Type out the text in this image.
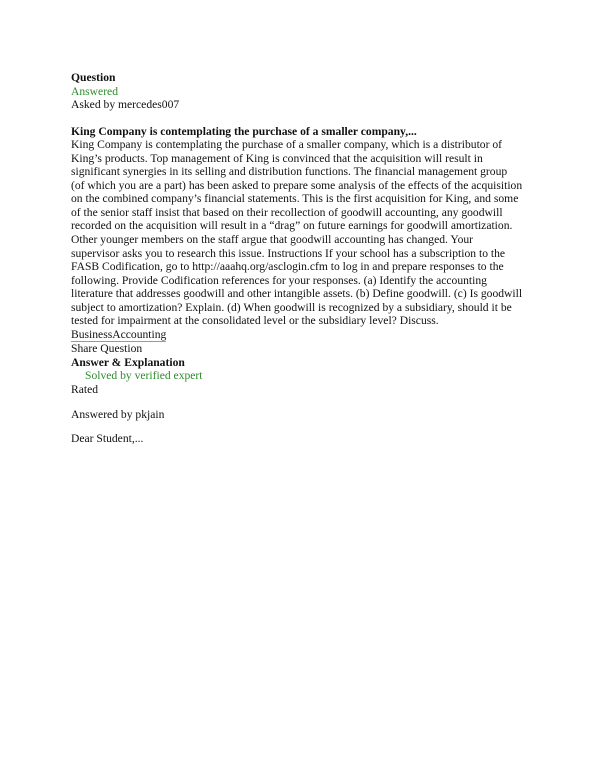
Question
Answered
Asked by mercedes007
King Company is contemplating the purchase of a smaller company,...
King Company is contemplating the purchase of a smaller company, which is a distributor of
King’s products. Top management of King is convinced that the acquisition will result in
significant synergies in its selling and distribution functions. The financial management group
(of which you are a part) has been asked to prepare some analysis of the effects of the acquisition
on the combined company’s financial statements. This is the first acquisition for King, and some
of the senior staff insist that based on their recollection of goodwill accounting, any goodwill
recorded on the acquisition will result in a “drag” on future earnings for goodwill amortization.
Other younger members on the staff argue that goodwill accounting has changed. Your
supervisor asks you to research this issue. Instructions If your school has a subscription to the
FASB Codification, go to http://aaahq.org/asclogin.cfm to log in and prepare responses to the
following. Provide Codification references for your responses. (a) Identify the accounting
literature that addresses goodwill and other intangible assets. (b) Define goodwill. (c) Is goodwill
subject to amortization? Explain. (d) When goodwill is recognized by a subsidiary, should it be
tested for impairment at the consolidated level or the subsidiary level? Discuss.
BusinessAccounting
Share Question
Answer & Explanation
Solved by verified expert
Rated
Answered by pkjain
Dear Student,...
